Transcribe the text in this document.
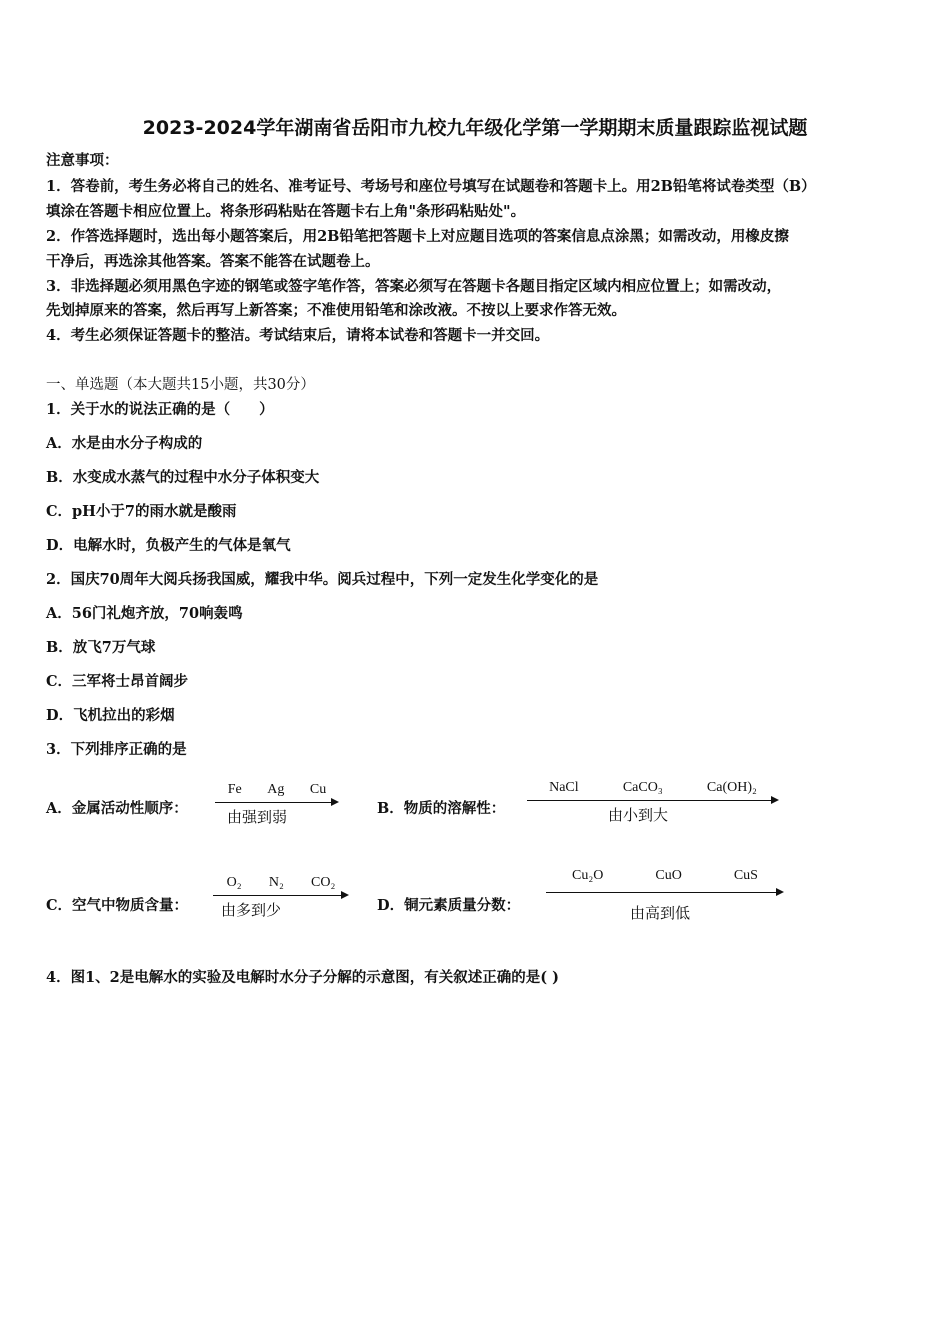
2023-2024学年湖南省岳阳市九校九年级化学第一学期期末质量跟踪监视试题
注意事项：
1．答卷前，考生务必将自己的姓名、准考证号、考场号和座位号填写在试题卷和答题卡上。用2B铅笔将试卷类型（B）
填涂在答题卡相应位置上。将条形码粘贴在答题卡右上角"条形码粘贴处"。
2．作答选择题时，选出每小题答案后，用2B铅笔把答题卡上对应题目选项的答案信息点涂黑；如需改动，用橡皮擦
干净后，再选涂其他答案。答案不能答在试题卷上。
3．非选择题必须用黑色字迹的钢笔或签字笔作答，答案必须写在答题卡各题目指定区域内相应位置上；如需改动，
先划掉原来的答案，然后再写上新答案；不准使用铅笔和涂改液。不按以上要求作答无效。
4．考生必须保证答题卡的整洁。考试结束后，请将本试卷和答题卡一并交回。
一、单选题（本大题共15小题，共30分）
1．关于水的说法正确的是（　　）
A．水是由水分子构成的
B．水变成水蒸气的过程中水分子体积变大
C．pH小于7的雨水就是酸雨
D．电解水时，负极产生的气体是氧气
2．国庆70周年大阅兵扬我国威，耀我中华。阅兵过程中，下列一定发生化学变化的是
A．56门礼炮齐放，70响轰鸣
B．放飞7万气球
C．三军将士昂首阔步
D．飞机拉出的彩烟
3．下列排序正确的是
A．金属活动性顺序：
Fe Ag Cu
由强到弱	B．物质的溶解性：
NaCl	CaCO₃	Ca(OH)₂
由小到大
C．空气中物质含量：
O₂ N₂ CO₂
由多到少	D．铜元素质量分数：
Cu₂O	CuO	CuS
由高到低
4．图1、2是电解水的实验及电解时水分子分解的示意图，有关叙述正确的是( )
